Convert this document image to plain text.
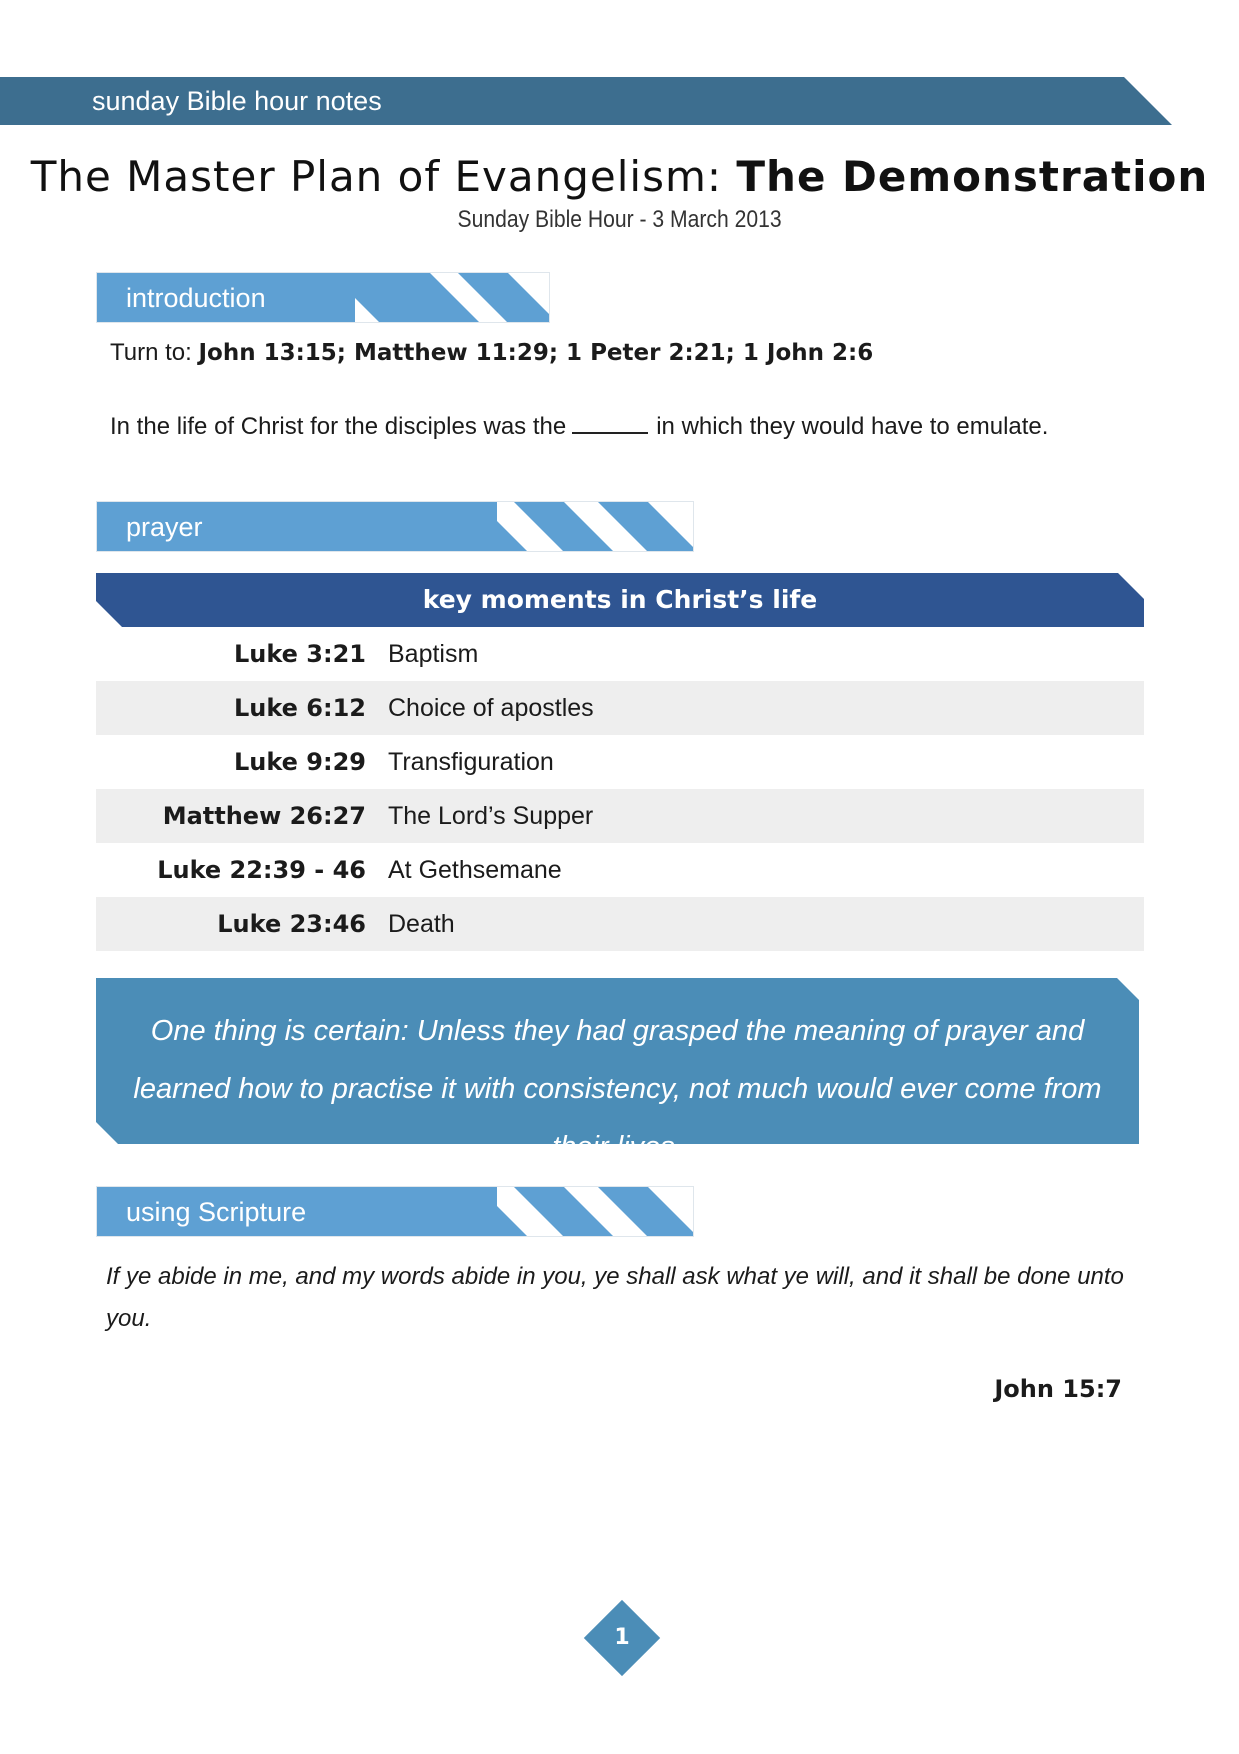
sunday Bible hour notes
The Master Plan of Evangelism: The Demonstration
Sunday Bible Hour - 3 March 2013
introduction
Turn to: John 13:15; Matthew 11:29; 1 Peter 2:21; 1 John 2:6
In the life of Christ for the disciples was the	in which they would have to emulate.
prayer
key moments in Christ’s life
Luke 3:21 Baptism
Luke 6:12 Choice of apostles
Luke 9:29 Transfiguration
Matthew 26:27 The Lord’s Supper
Luke 22:39 - 46 At Gethsemane
Luke 23:46 Death
One thing is certain: Unless they had grasped the meaning of prayer and learned how to practise it with consistency, not much would ever come from their lives.
using Scripture
If ye abide in me, and my words abide in you, ye shall ask what ye will, and it shall be done unto you.
John 15:7
1
